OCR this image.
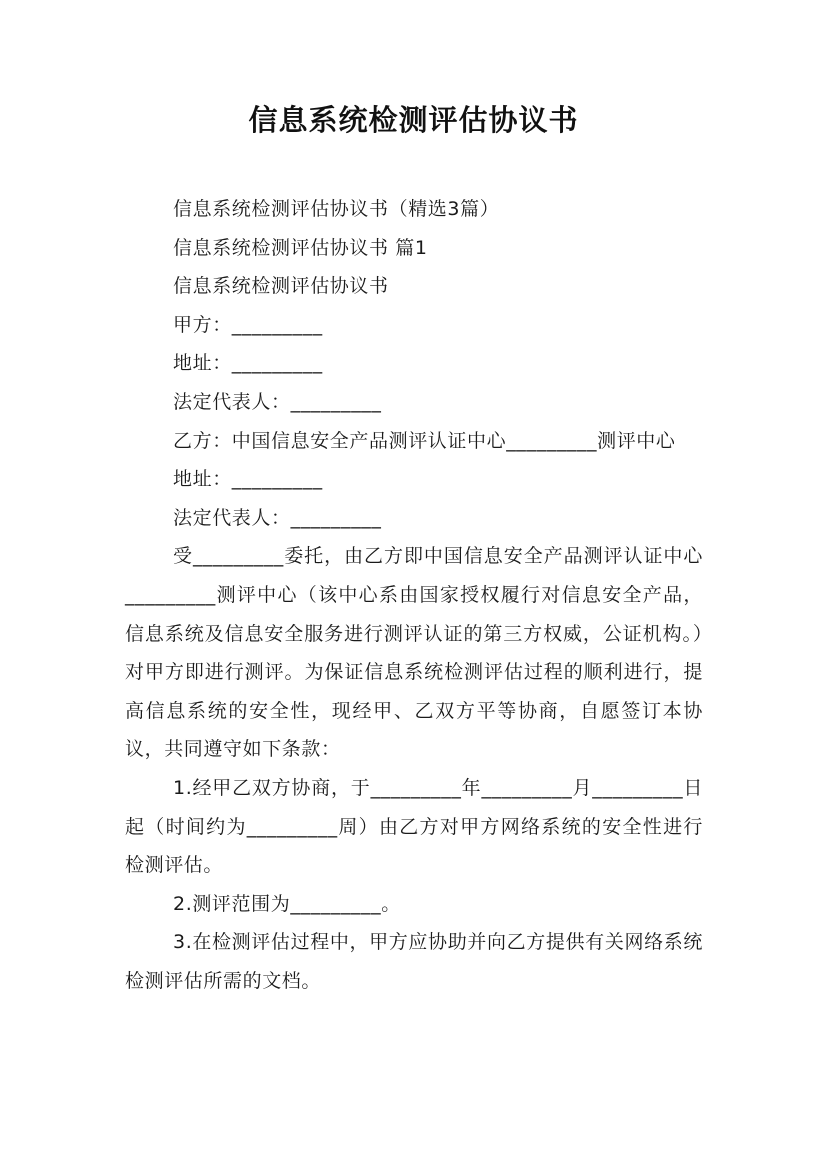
信息系统检测评估协议书

信息系统检测评估协议书（精选3篇）

信息系统检测评估协议书 篇1

信息系统检测评估协议书

甲方：_________

地址：_________

法定代表人：_________

乙方：中国信息安全产品测评认证中心_________测评中心

地址：_________

法定代表人：_________

受_________委托，由乙方即中国信息安全产品测评认证中心_________测评中心（该中心系由国家授权履行对信息安全产品，信息系统及信息安全服务进行测评认证的第三方权威，公证机构。）对甲方即进行测评。为保证信息系统检测评估过程的顺利进行，提高信息系统的安全性，现经甲、乙双方平等协商，自愿签订本协议，共同遵守如下条款：

1.经甲乙双方协商，于_________年_________月_________日起（时间约为_________周）由乙方对甲方网络系统的安全性进行检测评估。

2.测评范围为_________。

3.在检测评估过程中，甲方应协助并向乙方提供有关网络系统检测评估所需的文档。
